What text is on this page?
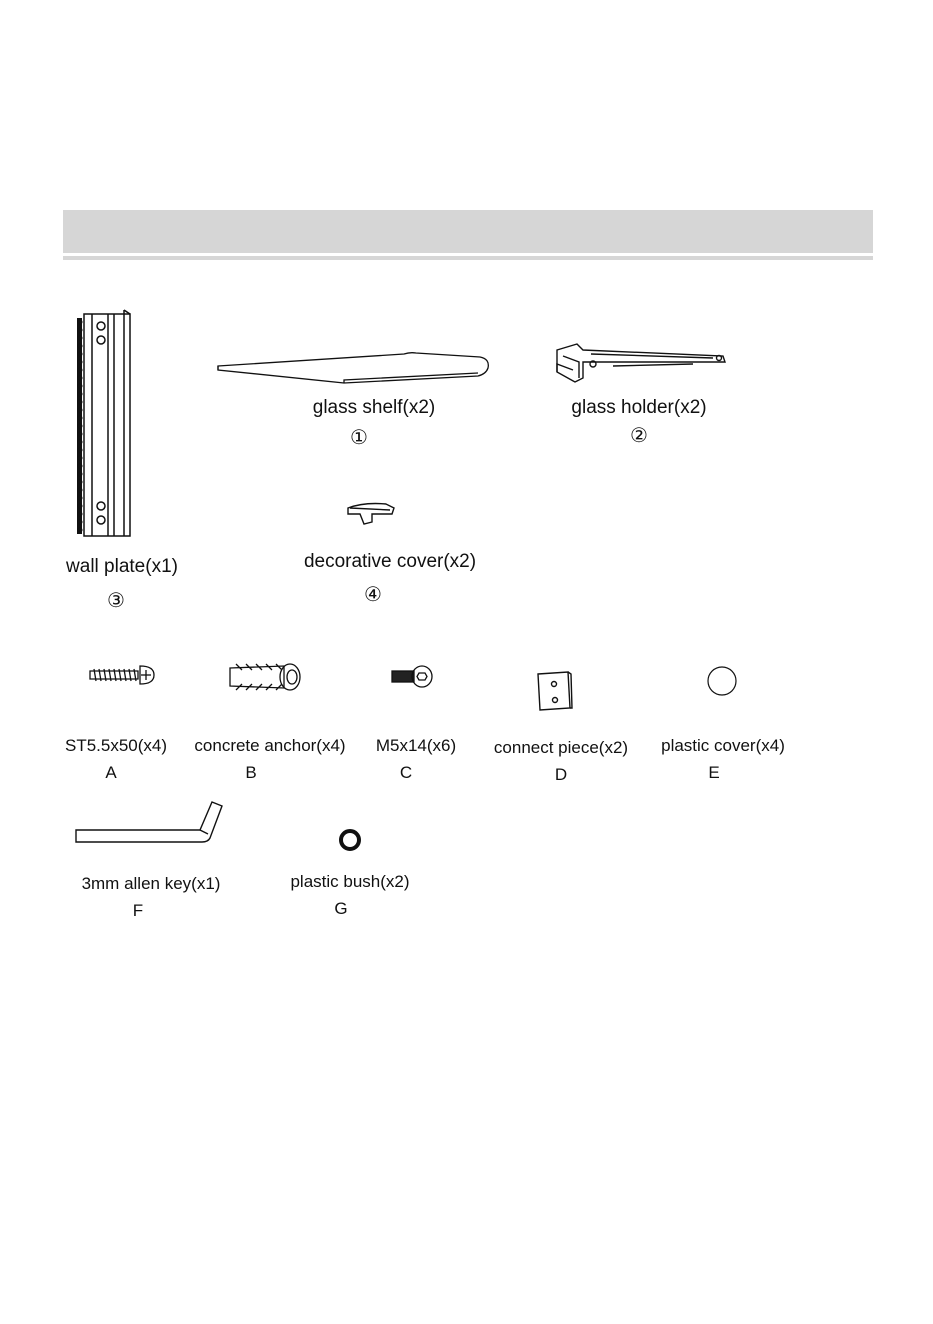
glass shelf(x2)
①
glass holder(x2)
②
wall plate(x1)
③
decorative cover(x2)
④
ST5.5x50(x4)
A
concrete anchor(x4)
B
M5x14(x6)
C
connect piece(x2)
D
plastic cover(x4)
E
3mm allen key(x1)
F
plastic bush(x2)
G
